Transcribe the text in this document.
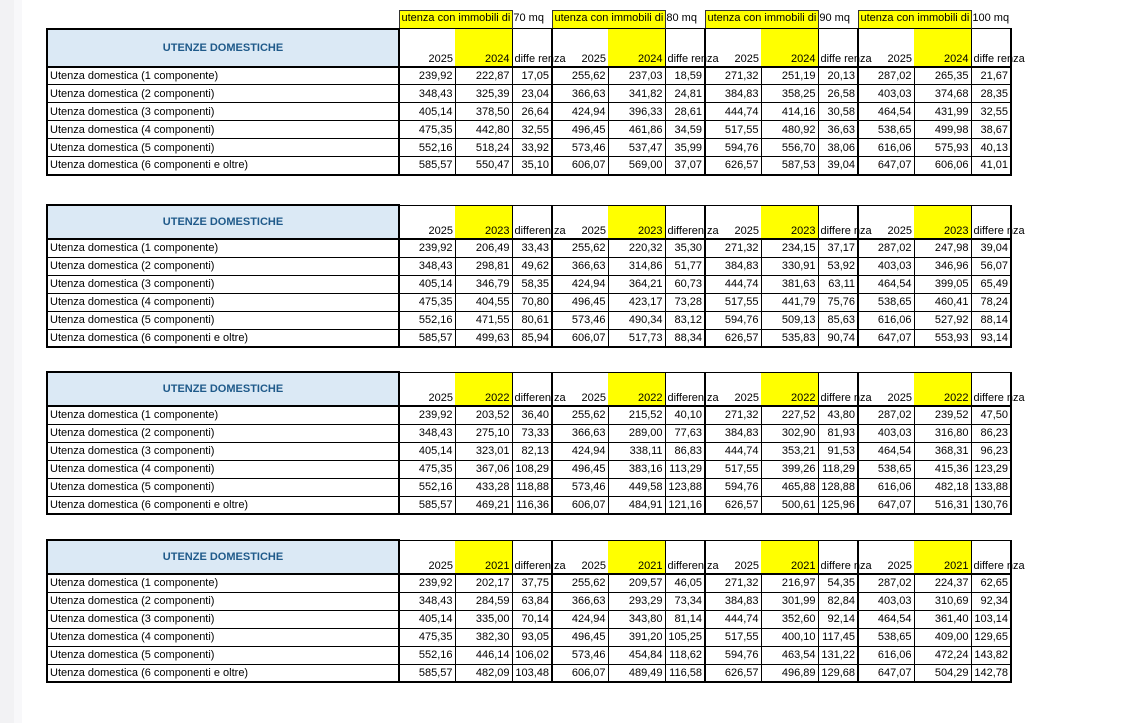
	utenza con immobili di 70 mq			utenza con immobili di 80 mq			utenza con immobili di 90 mq			utenza con immobili di 100 mq		
UTENZE DOMESTICHE	2025	2024	diffe renza	2025	2024	diffe renza	2025	2024	diffe renza	2025	2024	diffe renza
Utenza domestica (1 componente)	239,92	222,87	17,05	255,62	237,03	18,59	271,32	251,19	20,13	287,02	265,35	21,67
Utenza domestica (2 componenti)	348,43	325,39	23,04	366,63	341,82	24,81	384,83	358,25	26,58	403,03	374,68	28,35
Utenza domestica (3 componenti)	405,14	378,50	26,64	424,94	396,33	28,61	444,74	414,16	30,58	464,54	431,99	32,55
Utenza domestica (4 componenti)	475,35	442,80	32,55	496,45	461,86	34,59	517,55	480,92	36,63	538,65	499,98	38,67
Utenza domestica (5 componenti)	552,16	518,24	33,92	573,46	537,47	35,99	594,76	556,70	38,06	616,06	575,93	40,13
Utenza domestica (6 componenti e oltre)	585,57	550,47	35,10	606,07	569,00	37,07	626,57	587,53	39,04	647,07	606,06	41,01
UTENZE DOMESTICHE	2025	2023	differen za	2025	2023	differen za	2025	2023	differe nza	2025	2023	differe nza
Utenza domestica (1 componente)	239,92	206,49	33,43	255,62	220,32	35,30	271,32	234,15	37,17	287,02	247,98	39,04
Utenza domestica (2 componenti)	348,43	298,81	49,62	366,63	314,86	51,77	384,83	330,91	53,92	403,03	346,96	56,07
Utenza domestica (3 componenti)	405,14	346,79	58,35	424,94	364,21	60,73	444,74	381,63	63,11	464,54	399,05	65,49
Utenza domestica (4 componenti)	475,35	404,55	70,80	496,45	423,17	73,28	517,55	441,79	75,76	538,65	460,41	78,24
Utenza domestica (5 componenti)	552,16	471,55	80,61	573,46	490,34	83,12	594,76	509,13	85,63	616,06	527,92	88,14
Utenza domestica (6 componenti e oltre)	585,57	499,63	85,94	606,07	517,73	88,34	626,57	535,83	90,74	647,07	553,93	93,14
UTENZE DOMESTICHE	2025	2022	differen za	2025	2022	differen za	2025	2022	differe nza	2025	2022	differe nza
Utenza domestica (1 componente)	239,92	203,52	36,40	255,62	215,52	40,10	271,32	227,52	43,80	287,02	239,52	47,50
Utenza domestica (2 componenti)	348,43	275,10	73,33	366,63	289,00	77,63	384,83	302,90	81,93	403,03	316,80	86,23
Utenza domestica (3 componenti)	405,14	323,01	82,13	424,94	338,11	86,83	444,74	353,21	91,53	464,54	368,31	96,23
Utenza domestica (4 componenti)	475,35	367,06	108,29	496,45	383,16	113,29	517,55	399,26	118,29	538,65	415,36	123,29
Utenza domestica (5 componenti)	552,16	433,28	118,88	573,46	449,58	123,88	594,76	465,88	128,88	616,06	482,18	133,88
Utenza domestica (6 componenti e oltre)	585,57	469,21	116,36	606,07	484,91	121,16	626,57	500,61	125,96	647,07	516,31	130,76
UTENZE DOMESTICHE	2025	2021	differen za	2025	2021	differen za	2025	2021	differe nza	2025	2021	differe nza
Utenza domestica (1 componente)	239,92	202,17	37,75	255,62	209,57	46,05	271,32	216,97	54,35	287,02	224,37	62,65
Utenza domestica (2 componenti)	348,43	284,59	63,84	366,63	293,29	73,34	384,83	301,99	82,84	403,03	310,69	92,34
Utenza domestica (3 componenti)	405,14	335,00	70,14	424,94	343,80	81,14	444,74	352,60	92,14	464,54	361,40	103,14
Utenza domestica (4 componenti)	475,35	382,30	93,05	496,45	391,20	105,25	517,55	400,10	117,45	538,65	409,00	129,65
Utenza domestica (5 componenti)	552,16	446,14	106,02	573,46	454,84	118,62	594,76	463,54	131,22	616,06	472,24	143,82
Utenza domestica (6 componenti e oltre)	585,57	482,09	103,48	606,07	489,49	116,58	626,57	496,89	129,68	647,07	504,29	142,78
